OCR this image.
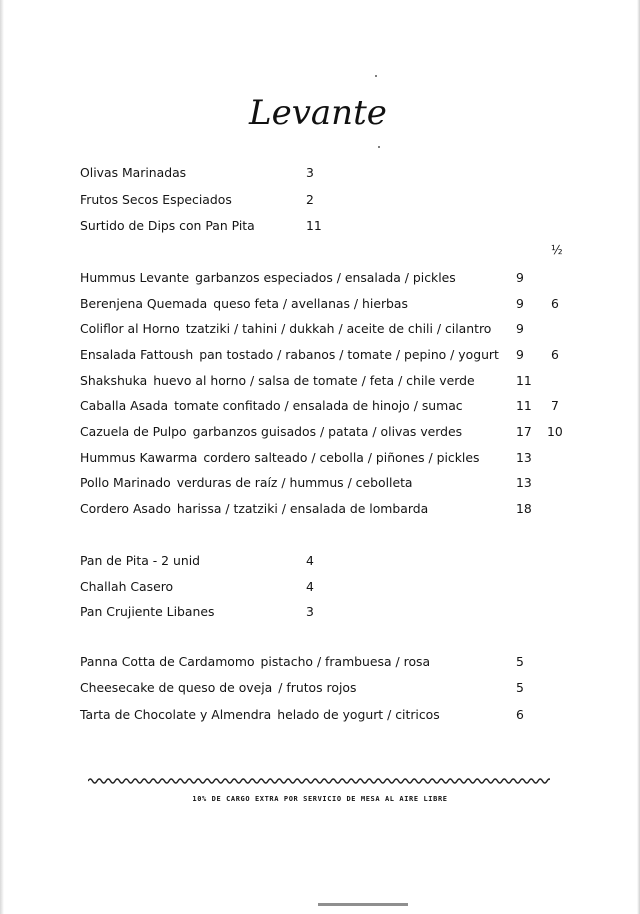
Levante
Olivas Marinadas	3
Frutos Secos Especiados	2
Surtido de Dips con Pan Pita	11
½
Hummus Levante garbanzos especiados / ensalada / pickles	9
Berenjena Quemada queso feta / avellanas / hierbas	9 6
Coliflor al Horno tzatziki / tahini / dukkah / aceite de chili / cilantro 9
Ensalada Fattoush pan tostado / rabanos / tomate / pepino / yogurt 9 6
Shakshuka huevo al horno / salsa de tomate / feta / chile verde	11
Caballa Asada tomate confitado / ensalada de hinojo / sumac	11 7
Cazuela de Pulpo garbanzos guisados / patata / olivas verdes	17 10
Hummus Kawarma cordero salteado / cebolla / piñones / pickles	13
Pollo Marinado verduras de raíz / hummus / cebolleta	13
Cordero Asado harissa / tzatziki / ensalada de lombarda	18
Pan de Pita - 2 unid	4
Challah Casero	4
Pan Crujiente Libanes	3
Panna Cotta de Cardamomo pistacho / frambuesa / rosa	5
Cheesecake de queso de oveja / frutos rojos	5
Tarta de Chocolate y Almendra helado de yogurt / citricos	6
10% DE CARGO EXTRA POR SERVICIO DE MESA AL AIRE LIBRE
